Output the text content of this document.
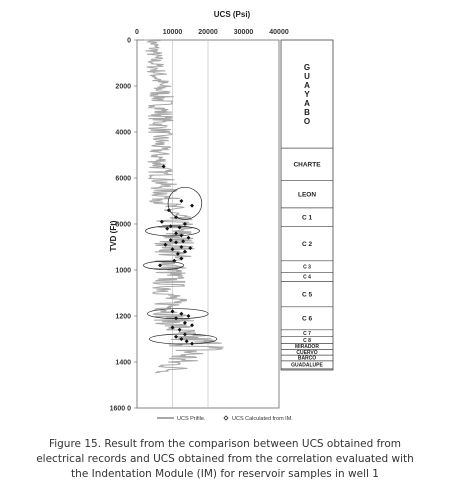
UCS (Psi)
0	10000 20000 30000 40000
0
2000
4000
6000
8000
1000
1200
1400
1600 0
TVD (Ft)
G U A Y A B O
CHARTE
LEON
C 1
C 2
C 3
C 4
C 5
C 6
C 7
C 8
MIRADOR
CUERVO
BARCO
GUADALUPE
UCS Prifile.	UCS Calculated from IM.

Figure 15. Result from the comparison between UCS obtained from

electrical records and UCS obtained from the correlation evaluated with

the Indentation Module (IM) for reservoir samples in well 1
